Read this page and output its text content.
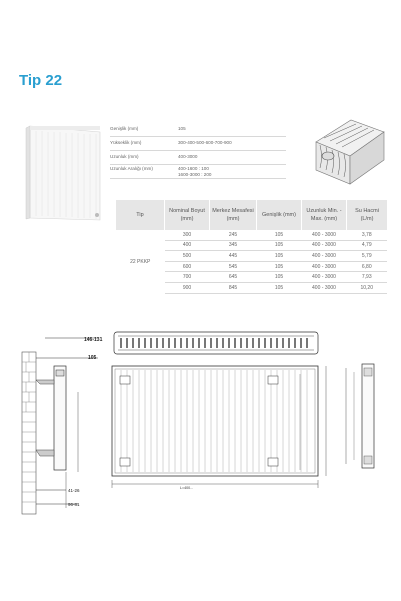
Tip 22
Genişlik (mm)	105
Yükseklik (mm)	300-400-500-600-700-900
Uzunluk (mm)	400-3000
Uzunluk Aralığı (mm)	400-1600 : 100
1600-3000 : 200
Tip	Nominal Boyut (mm)	Merkez Mesafesi (mm)	Genişlik (mm)	Uzunluk Min. - Max. (mm)	Su Hacmi (L/m)
22 PKKP	300	245	105	400 - 3000	3,78
	400	345	105	400 - 3000	4,79
	500	445	105	400 - 3000	5,79
	600	545	105	400 - 3000	6,80
	700	645	105	400 - 3000	7,93
	900	845	105	400 - 3000	10,20
146-131
105
41-26
96-81
L=400...
